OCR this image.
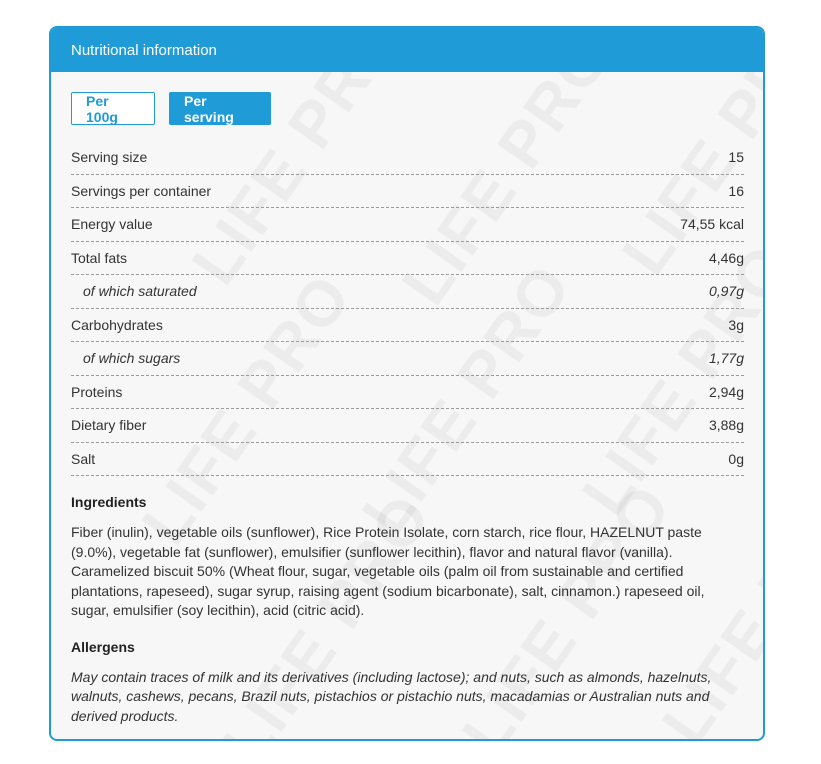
Nutritional information
Per 100g
Per serving
Serving size	15
Servings per container	16
Energy value	74,55 kcal
Total fats	4,46g
of which saturated	0,97g
Carbohydrates	3g
of which sugars	1,77g
Proteins	2,94g
Dietary fiber	3,88g
Salt	0g
Ingredients
Fiber (inulin), vegetable oils (sunflower), Rice Protein Isolate, corn starch, rice flour, HAZELNUT paste (9.0%), vegetable fat (sunflower), emulsifier (sunflower lecithin), flavor and natural flavor (vanilla). Caramelized biscuit 50% (Wheat flour, sugar, vegetable oils (palm oil from sustainable and certified plantations, rapeseed), sugar syrup, raising agent (sodium bicarbonate), salt, cinnamon.) rapeseed oil, sugar, emulsifier (soy lecithin), acid (citric acid).
Allergens
May contain traces of milk and its derivatives (including lactose); and nuts, such as almonds, hazelnuts, walnuts, cashews, pecans, Brazil nuts, pistachios or pistachio nuts, macadamias or Australian nuts and derived products.
